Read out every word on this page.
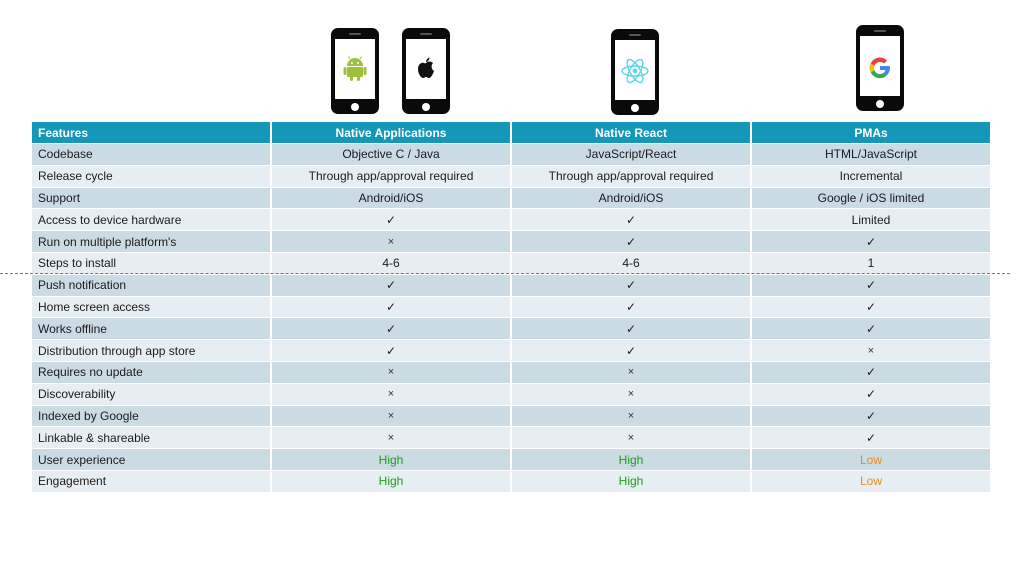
Features	Native Applications	Native React	PMAs
Codebase	Objective C / Java	JavaScript/React	HTML/JavaScript
Release cycle	Through app/approval required	Through app/approval required	Incremental
Support	Android/iOS	Android/iOS	Google / iOS limited
Access to device hardware	✓	✓	Limited
Run on multiple platform's	×	✓	✓
Steps to install	4-6	4-6	1
Push notification	✓	✓	✓
Home screen access	✓	✓	✓
Works offline	✓	✓	✓
Distribution through app store	✓	✓	×
Requires no update	×	×	✓
Discoverability	×	×	✓
Indexed by Google	×	×	✓
Linkable & shareable	×	×	✓
User experience	High	High	Low
Engagement	High	High	Low
